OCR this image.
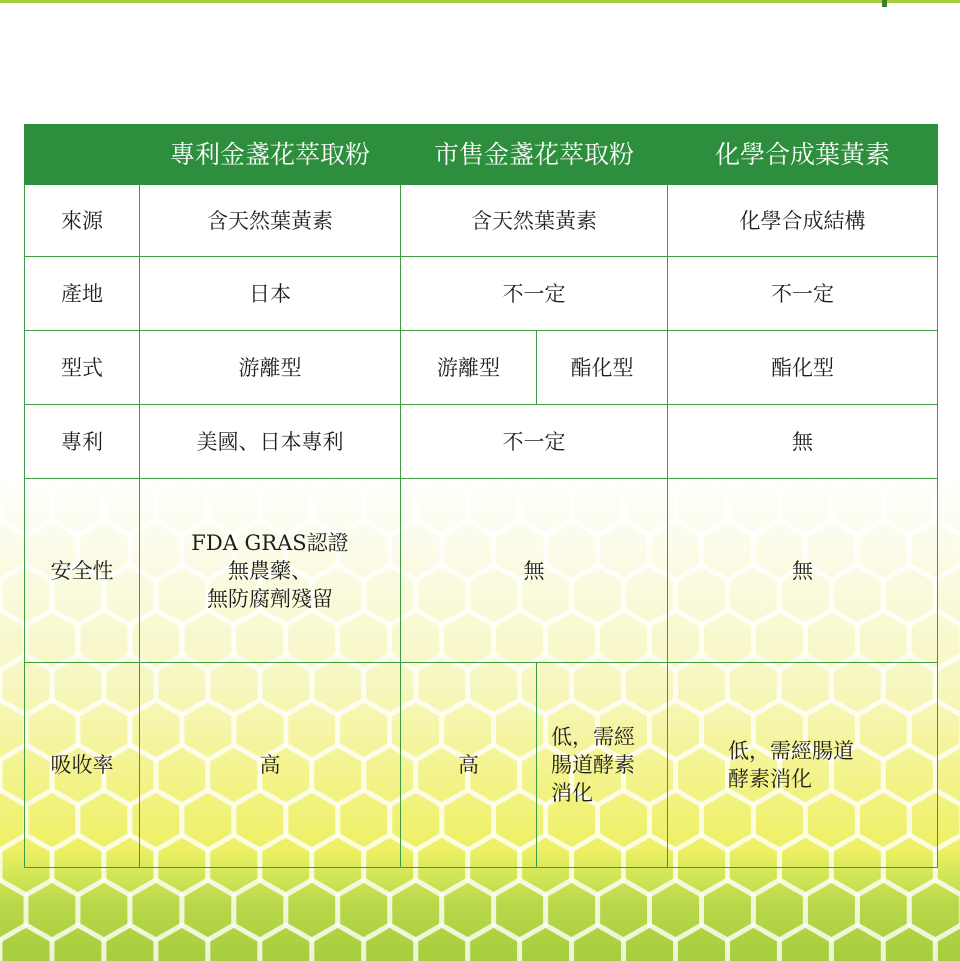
	專利金盞花萃取粉	市售金盞花萃取粉		化學合成葉黃素
來源	含天然葉黃素	含天然葉黃素		化學合成結構
產地	日本	不一定		不一定
型式	游離型	游離型	酯化型	酯化型
專利	美國、日本專利	不一定		無
安全性	FDA GRAS認證
無農藥、
無防腐劑殘留	無		無
吸收率	高	高	低，需經
腸道酵素
消化	低，需經腸道
酵素消化
